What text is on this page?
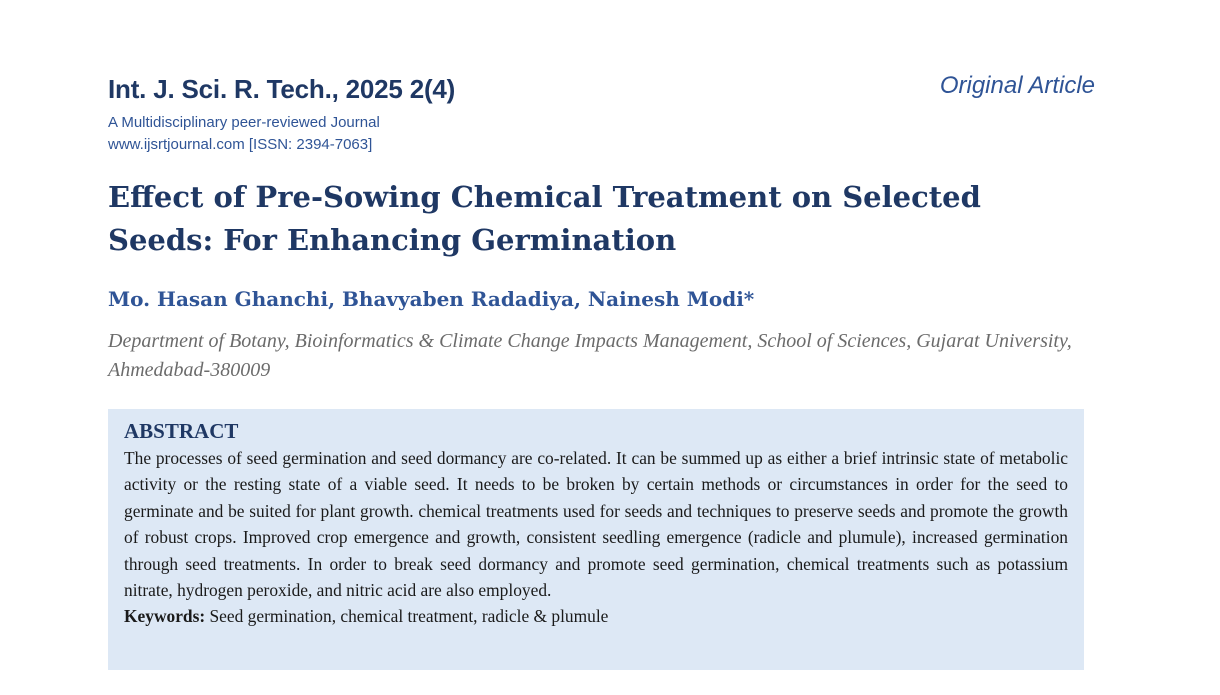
Int. J. Sci. R. Tech., 2025 2(4)	Original Article
A Multidisciplinary peer-reviewed Journal
www.ijsrtjournal.com [ISSN: 2394-7063]
Effect of Pre-Sowing Chemical Treatment on Selected
Seeds: For Enhancing Germination
Mo. Hasan Ghanchi, Bhavyaben Radadiya, Nainesh Modi*
Department of Botany, Bioinformatics & Climate Change Impacts Management, School of Sciences, Gujarat University, Ahmedabad-380009
ABSTRACT

The processes of seed germination and seed dormancy are co-related. It can be summed up as either a brief intrinsic state of metabolic activity or the resting state of a viable seed. It needs to be broken by certain methods or circumstances in order for the seed to germinate and be suited for plant growth. chemical treatments used for seeds and techniques to preserve seeds and promote the growth of robust crops. Improved crop emergence and growth, consistent seedling emergence (radicle and plumule), increased germination through seed treatments. In order to break seed dormancy and promote seed germination, chemical treatments such as potassium nitrate, hydrogen peroxide, and nitric acid are also employed.

Keywords: Seed germination, chemical treatment, radicle & plumule
